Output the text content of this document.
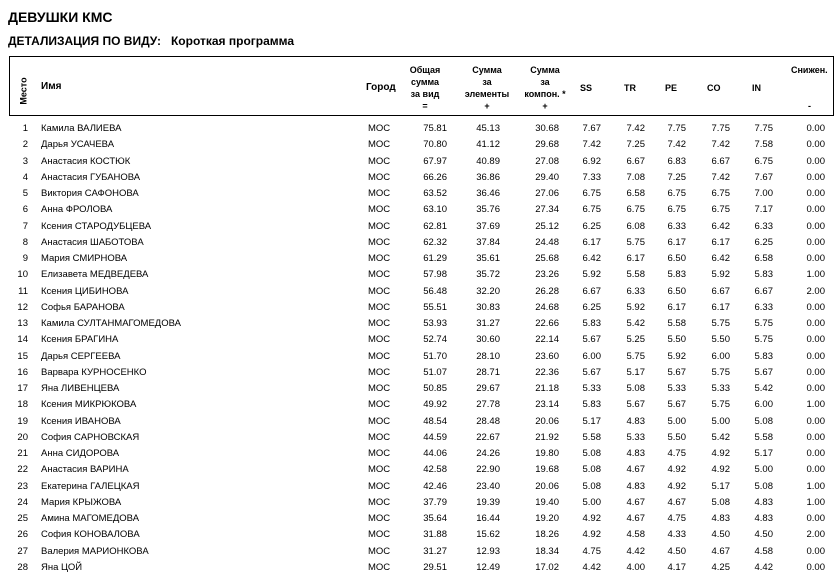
ДЕВУШКИ КМС
ДЕТАЛИЗАЦИЯ ПО ВИДУ: Короткая программа
Место Имя	Город
Общая
сумма
за вид
=
Сумма
за
элементы
+
Сумма
за
компон. *
+
SS	TR	PE	CO	IN
Снижен.
-
1 Камила ВАЛИЕВА	МОС	75.81	45.13	30.68	7.67	7.42	7.75	7.75	7.75	0.00
2 Дарья УСАЧЕВА	МОС	70.80	41.12	29.68	7.42	7.25	7.42	7.42	7.58	0.00
3 Анастасия КОСТЮК	МОС	67.97	40.89	27.08	6.92	6.67	6.83	6.67	6.75	0.00
4 Анастасия ГУБАНОВА	МОС	66.26	36.86	29.40	7.33	7.08	7.25	7.42	7.67	0.00
5 Виктория САФОНОВА	МОС	63.52	36.46	27.06	6.75	6.58	6.75	6.75	7.00	0.00
6 Анна ФРОЛОВА	МОС	63.10	35.76	27.34	6.75	6.75	6.75	6.75	7.17	0.00
7 Ксения СТАРОДУБЦЕВА	МОС	62.81	37.69	25.12	6.25	6.08	6.33	6.42	6.33	0.00
8 Анастасия ШАБОТОВА	МОС	62.32	37.84	24.48	6.17	5.75	6.17	6.17	6.25	0.00
9 Мария СМИРНОВА	МОС	61.29	35.61	25.68	6.42	6.17	6.50	6.42	6.58	0.00
10 Елизавета МЕДВЕДЕВА	МОС	57.98	35.72	23.26	5.92	5.58	5.83	5.92	5.83	1.00
11 Ксения ЦИБИНОВА	МОС	56.48	32.20	26.28	6.67	6.33	6.50	6.67	6.67	2.00
12 Софья БАРАНОВА	МОС	55.51	30.83	24.68	6.25	5.92	6.17	6.17	6.33	0.00
13 Камила СУЛТАНМАГОМЕДОВА	МОС	53.93	31.27	22.66	5.83	5.42	5.58	5.75	5.75	0.00
14 Ксения БРАГИНА	МОС	52.74	30.60	22.14	5.67	5.25	5.50	5.50	5.75	0.00
15 Дарья СЕРГЕЕВА	МОС	51.70	28.10	23.60	6.00	5.75	5.92	6.00	5.83	0.00
16 Варвара КУРНОСЕНКО	МОС	51.07	28.71	22.36	5.67	5.17	5.67	5.75	5.67	0.00
17 Яна ЛИВЕНЦЕВА	МОС	50.85	29.67	21.18	5.33	5.08	5.33	5.33	5.42	0.00
18 Ксения МИКРЮКОВА	МОС	49.92	27.78	23.14	5.83	5.67	5.67	5.75	6.00	1.00
19 Ксения ИВАНОВА	МОС	48.54	28.48	20.06	5.17	4.83	5.00	5.00	5.08	0.00
20 София САРНОВСКАЯ	МОС	44.59	22.67	21.92	5.58	5.33	5.50	5.42	5.58	0.00
21 Анна СИДОРОВА	МОС	44.06	24.26	19.80	5.08	4.83	4.75	4.92	5.17	0.00
22 Анастасия ВАРИНА	МОС	42.58	22.90	19.68	5.08	4.67	4.92	4.92	5.00	0.00
23 Екатерина ГАЛЕЦКАЯ	МОС	42.46	23.40	20.06	5.08	4.83	4.92	5.17	5.08	1.00
24 Мария КРЫЖОВА	МОС	37.79	19.39	19.40	5.00	4.67	4.67	5.08	4.83	1.00
25 Амина МАГОМЕДОВА	МОС	35.64	16.44	19.20	4.92	4.67	4.75	4.83	4.83	0.00
26 София КОНОВАЛОВА	МОС	31.88	15.62	18.26	4.92	4.58	4.33	4.50	4.50	2.00
27 Валерия МАРИОНКОВА	МОС	31.27	12.93	18.34	4.75	4.42	4.50	4.67	4.58	0.00
28 Яна ЦОЙ	МОС	29.51	12.49	17.02	4.42	4.00	4.17	4.25	4.42	0.00
